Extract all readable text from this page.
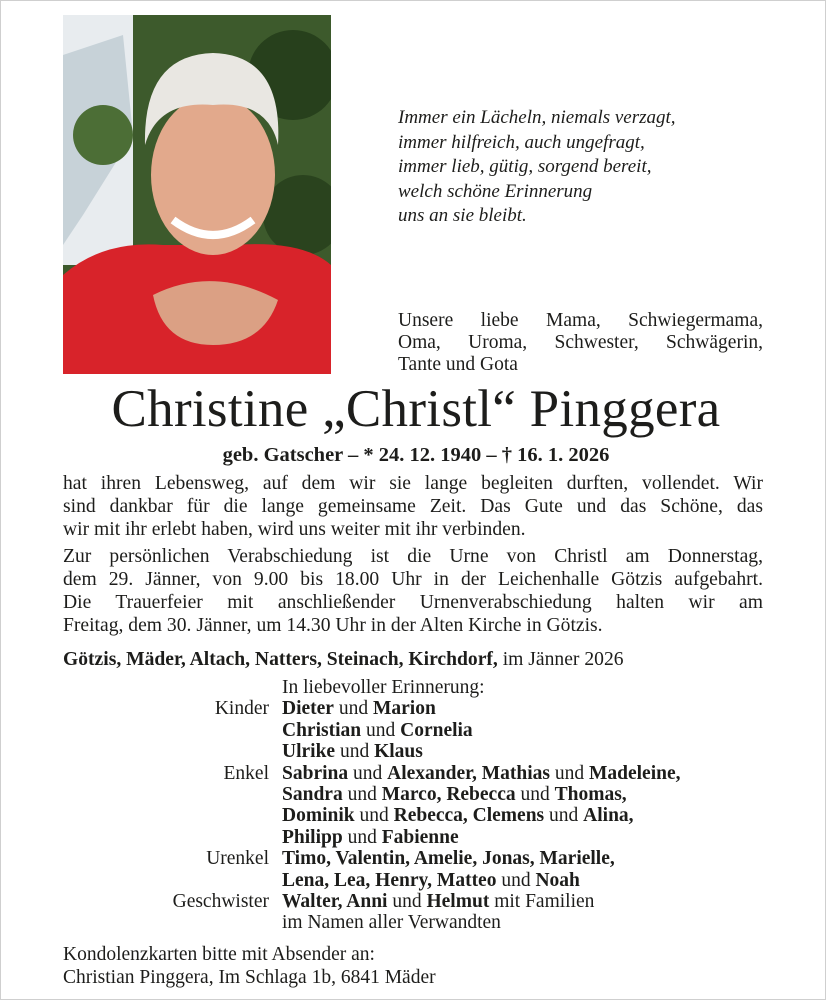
Immer ein Lächeln, niemals verzagt,
immer hilfreich, auch ungefragt,
immer lieb, gütig, sorgend bereit,
welch schöne Erinnerung
uns an sie bleibt.
Unsere liebe Mama, Schwiegermama,
Oma, Uroma, Schwester, Schwägerin,
Tante und Gota
Christine „Christl“ Pinggera
geb. Gatscher – * 24. 12. 1940 – † 16. 1. 2026

hat ihren Lebensweg, auf dem wir sie lange begleiten durften, vollendet. Wir
sind dankbar für die lange gemeinsame Zeit. Das Gute und das Schöne, das
wir mit ihr erlebt haben, wird uns weiter mit ihr verbinden.

Zur persönlichen Verabschiedung ist die Urne von Christl am Donnerstag,
dem 29. Jänner, von 9.00 bis 18.00 Uhr in der Leichenhalle Götzis aufgebahrt.
Die Trauerfeier mit anschließender Urnenverabschiedung halten wir am
Freitag, dem 30. Jänner, um 14.30 Uhr in der Alten Kirche in Götzis.

Götzis, Mäder, Altach, Natters, Steinach, Kirchdorf, im Jänner 2026
In liebevoller Erinnerung:
Kinder Dieter und Marion
Christian und Cornelia
Ulrike und Klaus
Enkel Sabrina und Alexander, Mathias und Madeleine,
Sandra und Marco, Rebecca und Thomas,
Dominik und Rebecca, Clemens und Alina,
Philipp und Fabienne
Urenkel Timo, Valentin, Amelie, Jonas, Marielle,
Lena, Lea, Henry, Matteo und Noah
Geschwister Walter, Anni und Helmut mit Familien
im Namen aller Verwandten
Kondolenzkarten bitte mit Absender an:
Christian Pinggera, Im Schlaga 1b, 6841 Mäder
